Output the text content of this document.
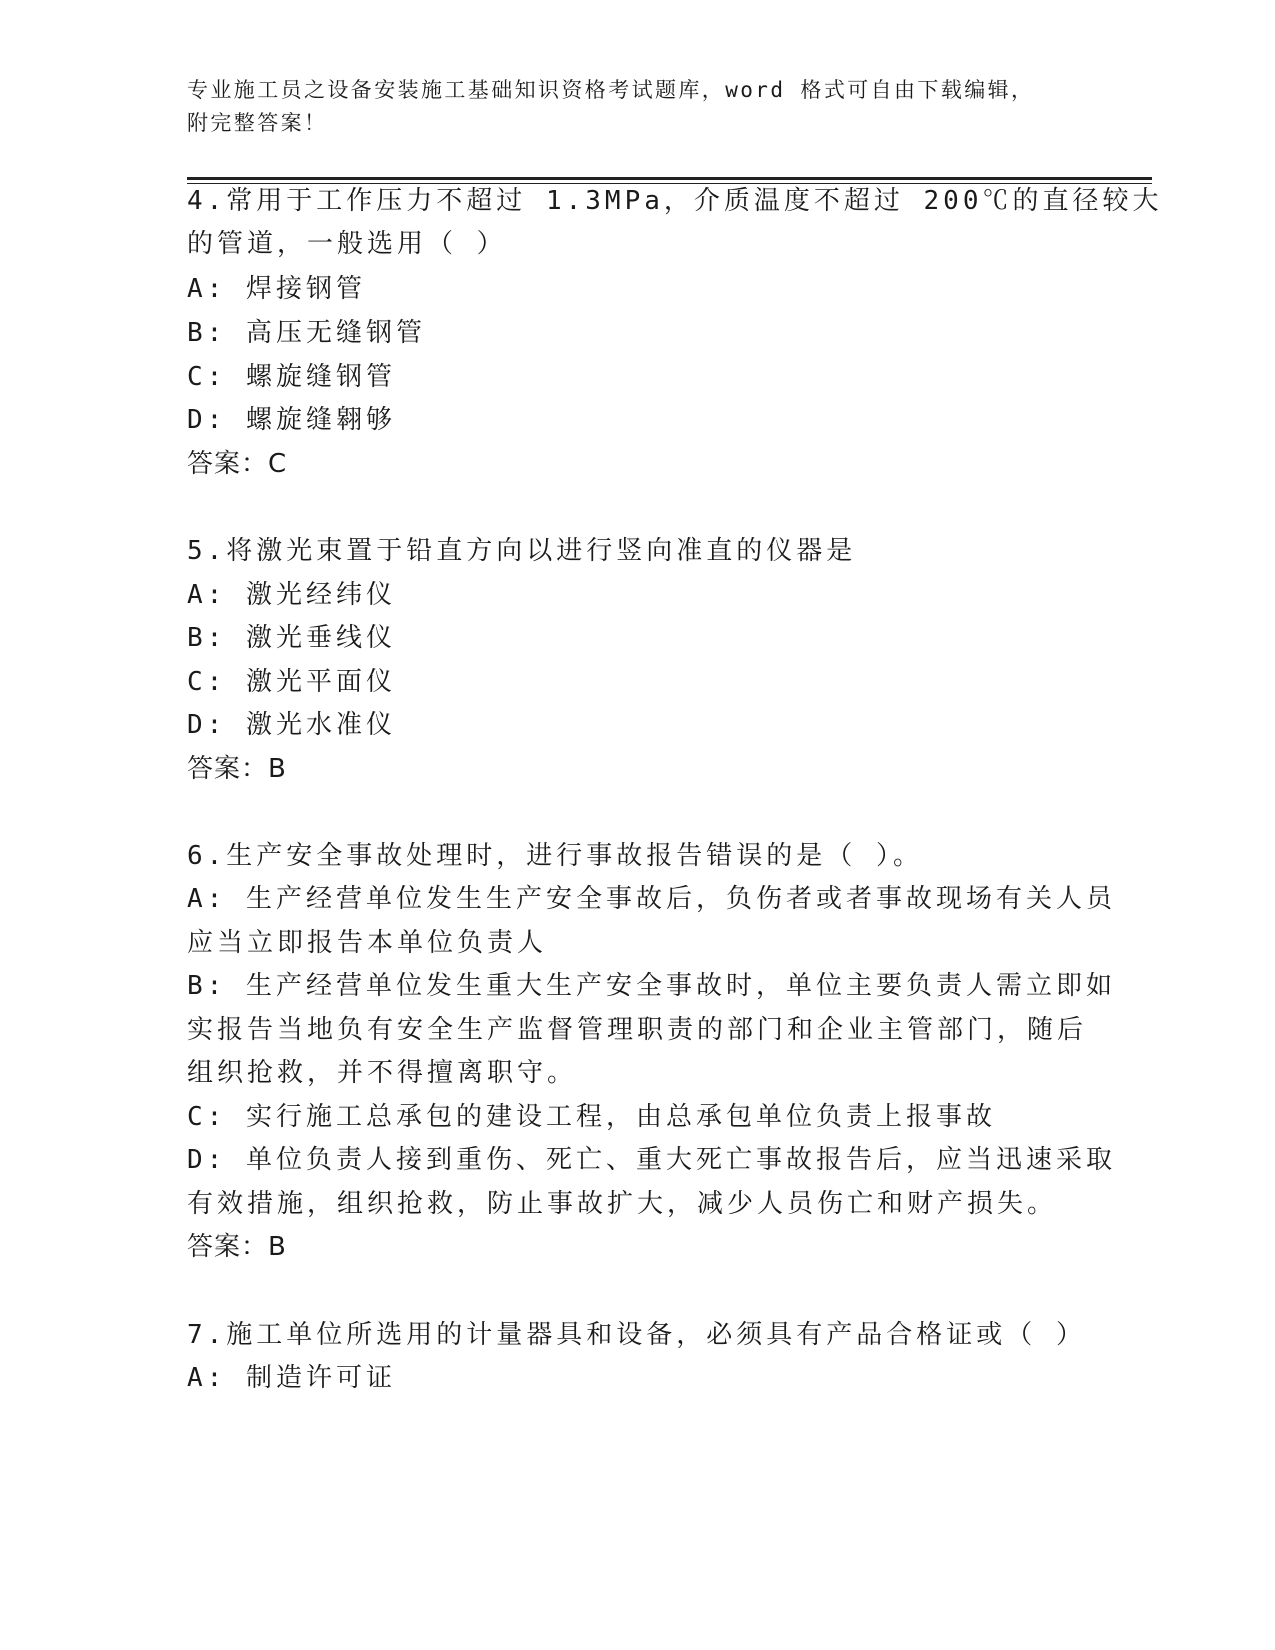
专业施工员之设备安装施工基础知识资格考试题库，word 格式可自由下载编辑，
附完整答案！
4.常用于工作压力不超过 1.3MPa，介质温度不超过 200℃的直径较大
的管道，一般选用（ ）
A: 焊接钢管
B: 高压无缝钢管
C: 螺旋缝钢管
D: 螺旋缝翱够
答案：C
5.将激光束置于铅直方向以进行竖向准直的仪器是
A: 激光经纬仪
B: 激光垂线仪
C: 激光平面仪
D: 激光水准仪
答案：B
6.生产安全事故处理时，进行事故报告错误的是（ ）。
A: 生产经营单位发生生产安全事故后，负伤者或者事故现场有关人员
应当立即报告本单位负责人
B: 生产经营单位发生重大生产安全事故时，单位主要负责人需立即如
实报告当地负有安全生产监督管理职责的部门和企业主管部门，随后
组织抢救，并不得擅离职守。
C: 实行施工总承包的建设工程，由总承包单位负责上报事故
D: 单位负责人接到重伤、死亡、重大死亡事故报告后，应当迅速采取
有效措施，组织抢救，防止事故扩大，减少人员伤亡和财产损失。
答案：B
7.施工单位所选用的计量器具和设备，必须具有产品合格证或（ ）
A: 制造许可证
